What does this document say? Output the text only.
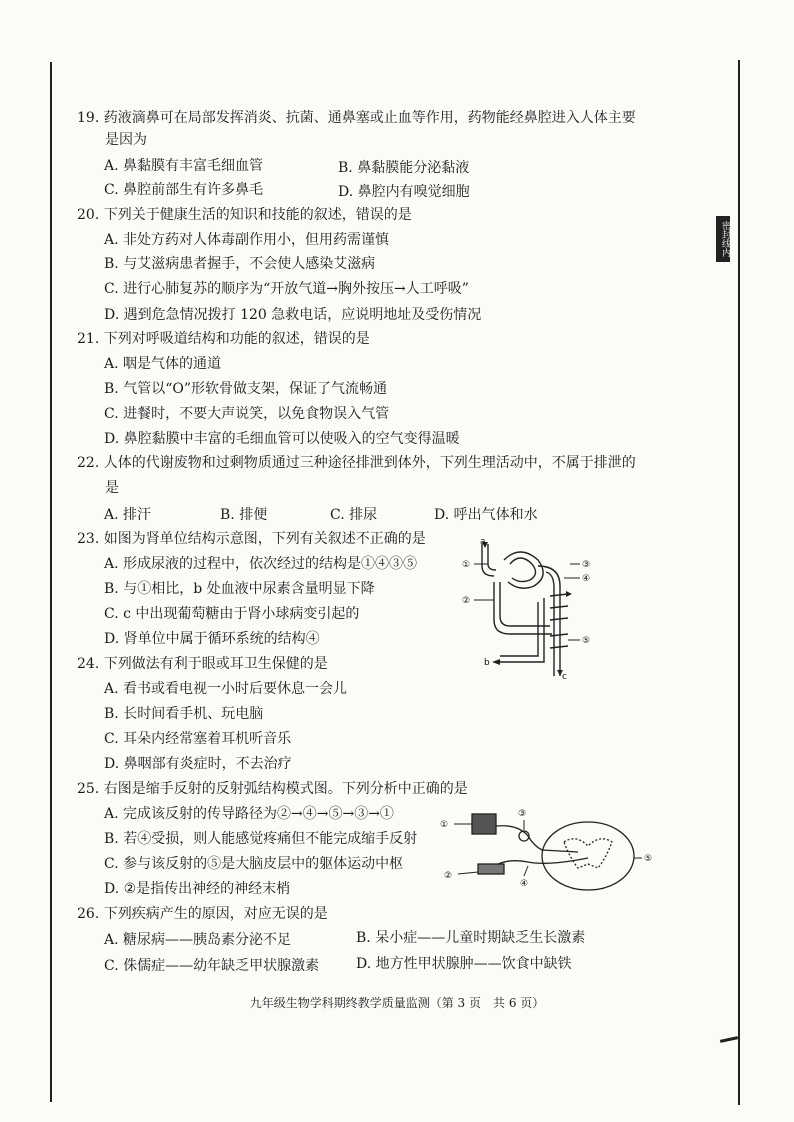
密封线内
19. 药液滴鼻可在局部发挥消炎、抗菌、通鼻塞或止血等作用，药物能经鼻腔进入人体主要
是因为
A. 鼻黏膜有丰富毛细血管	B. 鼻黏膜能分泌黏液
C. 鼻腔前部生有许多鼻毛	D. 鼻腔内有嗅觉细胞
20. 下列关于健康生活的知识和技能的叙述，错误的是
A. 非处方药对人体毒副作用小，但用药需谨慎
B. 与艾滋病患者握手，不会使人感染艾滋病
C. 进行心肺复苏的顺序为“开放气道→胸外按压→人工呼吸”
D. 遇到危急情况拨打 120 急救电话，应说明地址及受伤情况
21. 下列对呼吸道结构和功能的叙述，错误的是
A. 咽是气体的通道
B. 气管以“O”形软骨做支架，保证了气流畅通
C. 进餐时，不要大声说笑，以免食物误入气管
D. 鼻腔黏膜中丰富的毛细血管可以使吸入的空气变得温暖
22. 人体的代谢废物和过剩物质通过三种途径排泄到体外，下列生理活动中，不属于排泄的
是
A. 排汗	B. 排便	C. 排尿	D. 呼出气体和水
23. 如图为肾单位结构示意图，下列有关叙述不正确的是
A. 形成尿液的过程中，依次经过的结构是①④③⑤
B. 与①相比，b 处血液中尿素含量明显下降
C. c 中出现葡萄糖由于肾小球病变引起的
D. 肾单位中属于循环系统的结构④
a
①
②
③
④
⑤
b
c
24. 下列做法有利于眼或耳卫生保健的是
A. 看书或看电视一小时后要休息一会儿
B. 长时间看手机、玩电脑
C. 耳朵内经常塞着耳机听音乐
D. 鼻咽部有炎症时，不去治疗
25. 右图是缩手反射的反射弧结构模式图。下列分析中正确的是
A. 完成该反射的传导路径为②→④→⑤→③→①
B. 若④受损，则人能感觉疼痛但不能完成缩手反射
C. 参与该反射的⑤是大脑皮层中的躯体运动中枢
D. ②是指传出神经的神经末梢
①
②
③
④
⑤
26. 下列疾病产生的原因，对应无误的是
A. 糖尿病——胰岛素分泌不足	B. 呆小症——儿童时期缺乏生长激素
C. 侏儒症——幼年缺乏甲状腺激素	D. 地方性甲状腺肿——饮食中缺铁
九年级生物学科期终教学质量监测（第 3 页　共 6 页）
